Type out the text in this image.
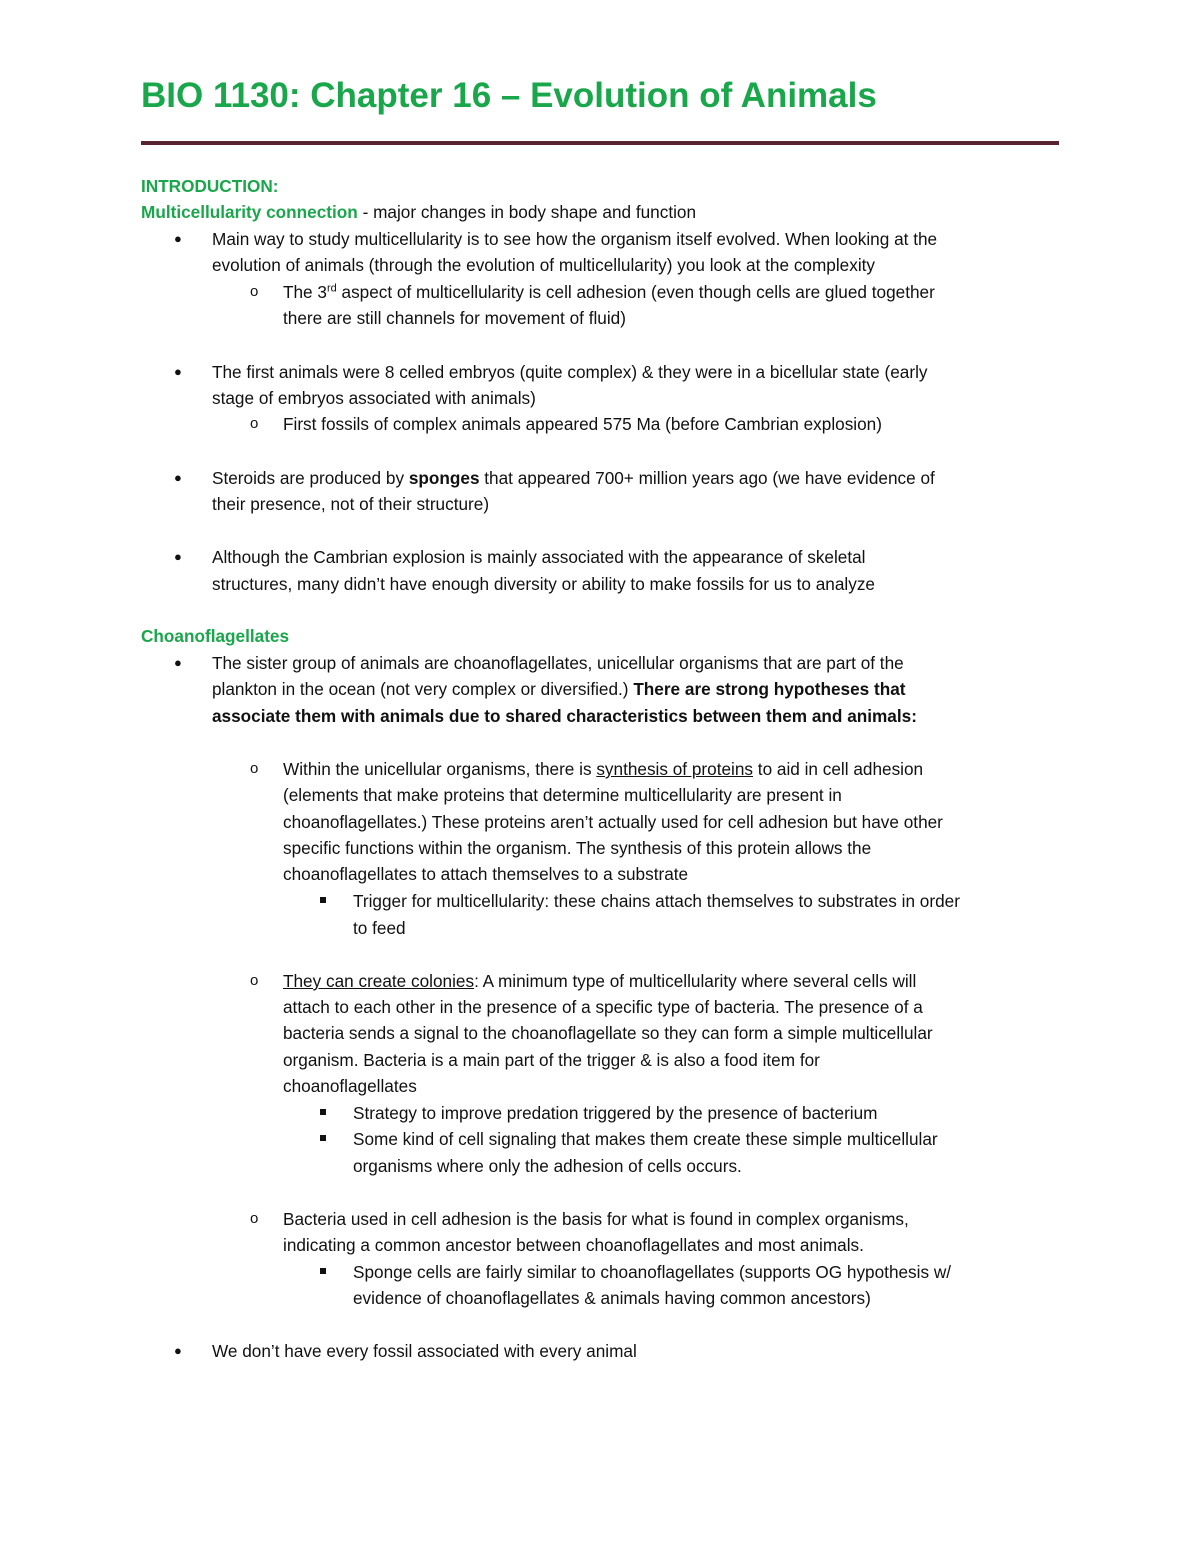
BIO 1130: Chapter 16 – Evolution of Animals
INTRODUCTION:
Multicellularity connection - major changes in body shape and function
● Main way to study multicellularity is to see how the organism itself evolved. When looking at the
evolution of animals (through the evolution of multicellularity) you look at the complexity
o The 3rd aspect of multicellularity is cell adhesion (even though cells are glued together
there are still channels for movement of fluid)
● The first animals were 8 celled embryos (quite complex) & they were in a bicellular state (early
stage of embryos associated with animals)
o First fossils of complex animals appeared 575 Ma (before Cambrian explosion)
● Steroids are produced by sponges that appeared 700+ million years ago (we have evidence of
their presence, not of their structure)
● Although the Cambrian explosion is mainly associated with the appearance of skeletal
structures, many didn’t have enough diversity or ability to make fossils for us to analyze
Choanoflagellates
● The sister group of animals are choanoflagellates, unicellular organisms that are part of the
plankton in the ocean (not very complex or diversified.) There are strong hypotheses that
associate them with animals due to shared characteristics between them and animals:
o Within the unicellular organisms, there is synthesis of proteins to aid in cell adhesion
(elements that make proteins that determine multicellularity are present in
choanoflagellates.) These proteins aren’t actually used for cell adhesion but have other
specific functions within the organism. The synthesis of this protein allows the
choanoflagellates to attach themselves to a substrate
Trigger for multicellularity: these chains attach themselves to substrates in order
to feed
o They can create colonies: A minimum type of multicellularity where several cells will
attach to each other in the presence of a specific type of bacteria. The presence of a
bacteria sends a signal to the choanoflagellate so they can form a simple multicellular
organism. Bacteria is a main part of the trigger & is also a food item for
choanoflagellates
Strategy to improve predation triggered by the presence of bacterium
Some kind of cell signaling that makes them create these simple multicellular
organisms where only the adhesion of cells occurs.
o Bacteria used in cell adhesion is the basis for what is found in complex organisms,
indicating a common ancestor between choanoflagellates and most animals.
Sponge cells are fairly similar to choanoflagellates (supports OG hypothesis w/
evidence of choanoflagellates & animals having common ancestors)
● We don’t have every fossil associated with every animal
